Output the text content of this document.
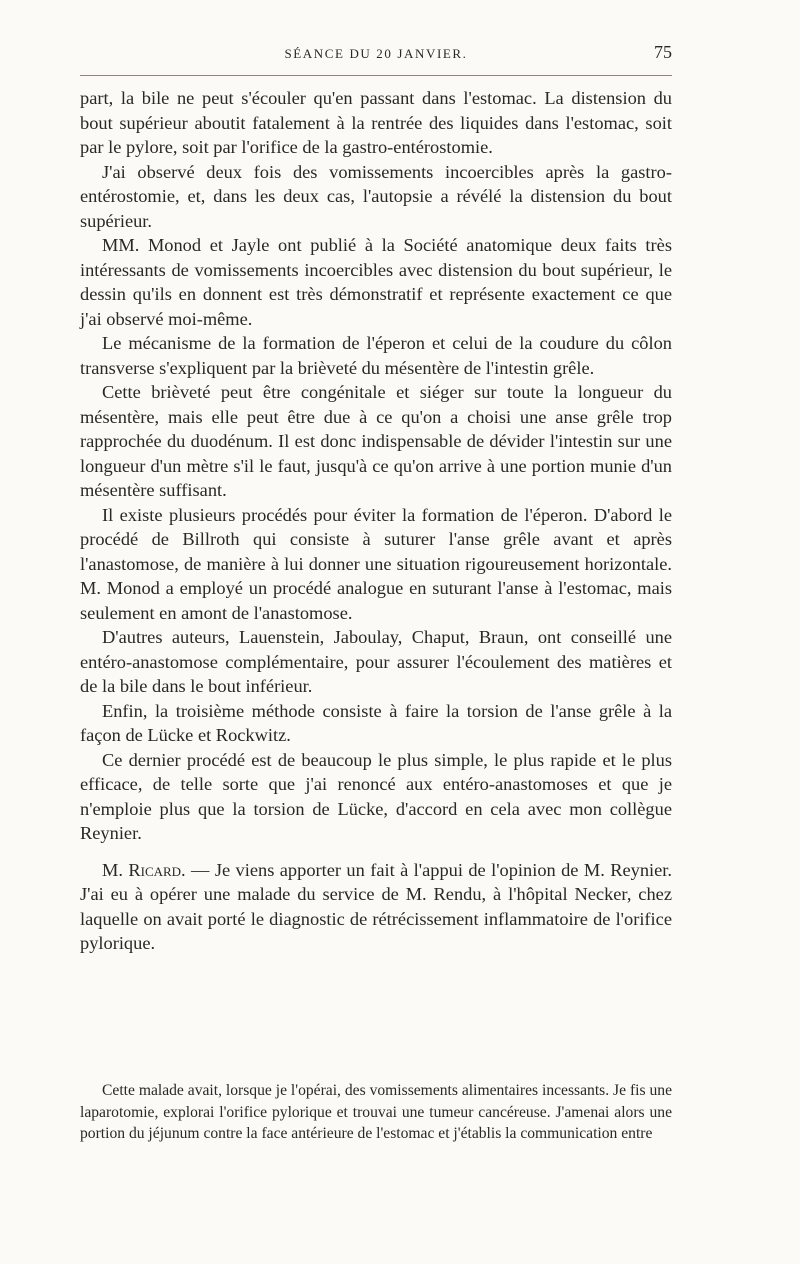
SÉANCE DU 20 JANVIER.	75

part, la bile ne peut s'écouler qu'en passant dans l'estomac. La distension du bout supérieur aboutit fatalement à la rentrée des liquides dans l'estomac, soit par le pylore, soit par l'orifice de la gastro-entérostomie.

J'ai observé deux fois des vomissements incoercibles après la gastro-entérostomie, et, dans les deux cas, l'autopsie a révélé la distension du bout supérieur.

MM. Monod et Jayle ont publié à la Société anatomique deux faits très intéressants de vomissements incoercibles avec distension du bout supérieur, le dessin qu'ils en donnent est très démonstratif et représente exactement ce que j'ai observé moi-même.

Le mécanisme de la formation de l'éperon et celui de la coudure du côlon transverse s'expliquent par la brièveté du mésentère de l'intestin grêle.

Cette brièveté peut être congénitale et siéger sur toute la longueur du mésentère, mais elle peut être due à ce qu'on a choisi une anse grêle trop rapprochée du duodénum. Il est donc indispensable de dévider l'intestin sur une longueur d'un mètre s'il le faut, jusqu'à ce qu'on arrive à une portion munie d'un mésentère suffisant.

Il existe plusieurs procédés pour éviter la formation de l'éperon. D'abord le procédé de Billroth qui consiste à suturer l'anse grêle avant et après l'anastomose, de manière à lui donner une situation rigoureusement horizontale. M. Monod a employé un procédé analogue en suturant l'anse à l'estomac, mais seulement en amont de l'anastomose.

D'autres auteurs, Lauenstein, Jaboulay, Chaput, Braun, ont conseillé une entéro-anastomose complémentaire, pour assurer l'écoulement des matières et de la bile dans le bout inférieur.

Enfin, la troisième méthode consiste à faire la torsion de l'anse grêle à la façon de Lücke et Rockwitz.

Ce dernier procédé est de beaucoup le plus simple, le plus rapide et le plus efficace, de telle sorte que j'ai renoncé aux entéro-anastomoses et que je n'emploie plus que la torsion de Lücke, d'accord en cela avec mon collègue Reynier.

M. Ricard. — Je viens apporter un fait à l'appui de l'opinion de M. Reynier. J'ai eu à opérer une malade du service de M. Rendu, à l'hôpital Necker, chez laquelle on avait porté le diagnostic de rétrécissement inflammatoire de l'orifice pylorique.

Cette malade avait, lorsque je l'opérai, des vomissements alimentaires incessants. Je fis une laparotomie, explorai l'orifice pylorique et trouvai une tumeur cancéreuse. J'amenai alors une portion du jéjunum contre la face antérieure de l'estomac et j'établis la communication entre
